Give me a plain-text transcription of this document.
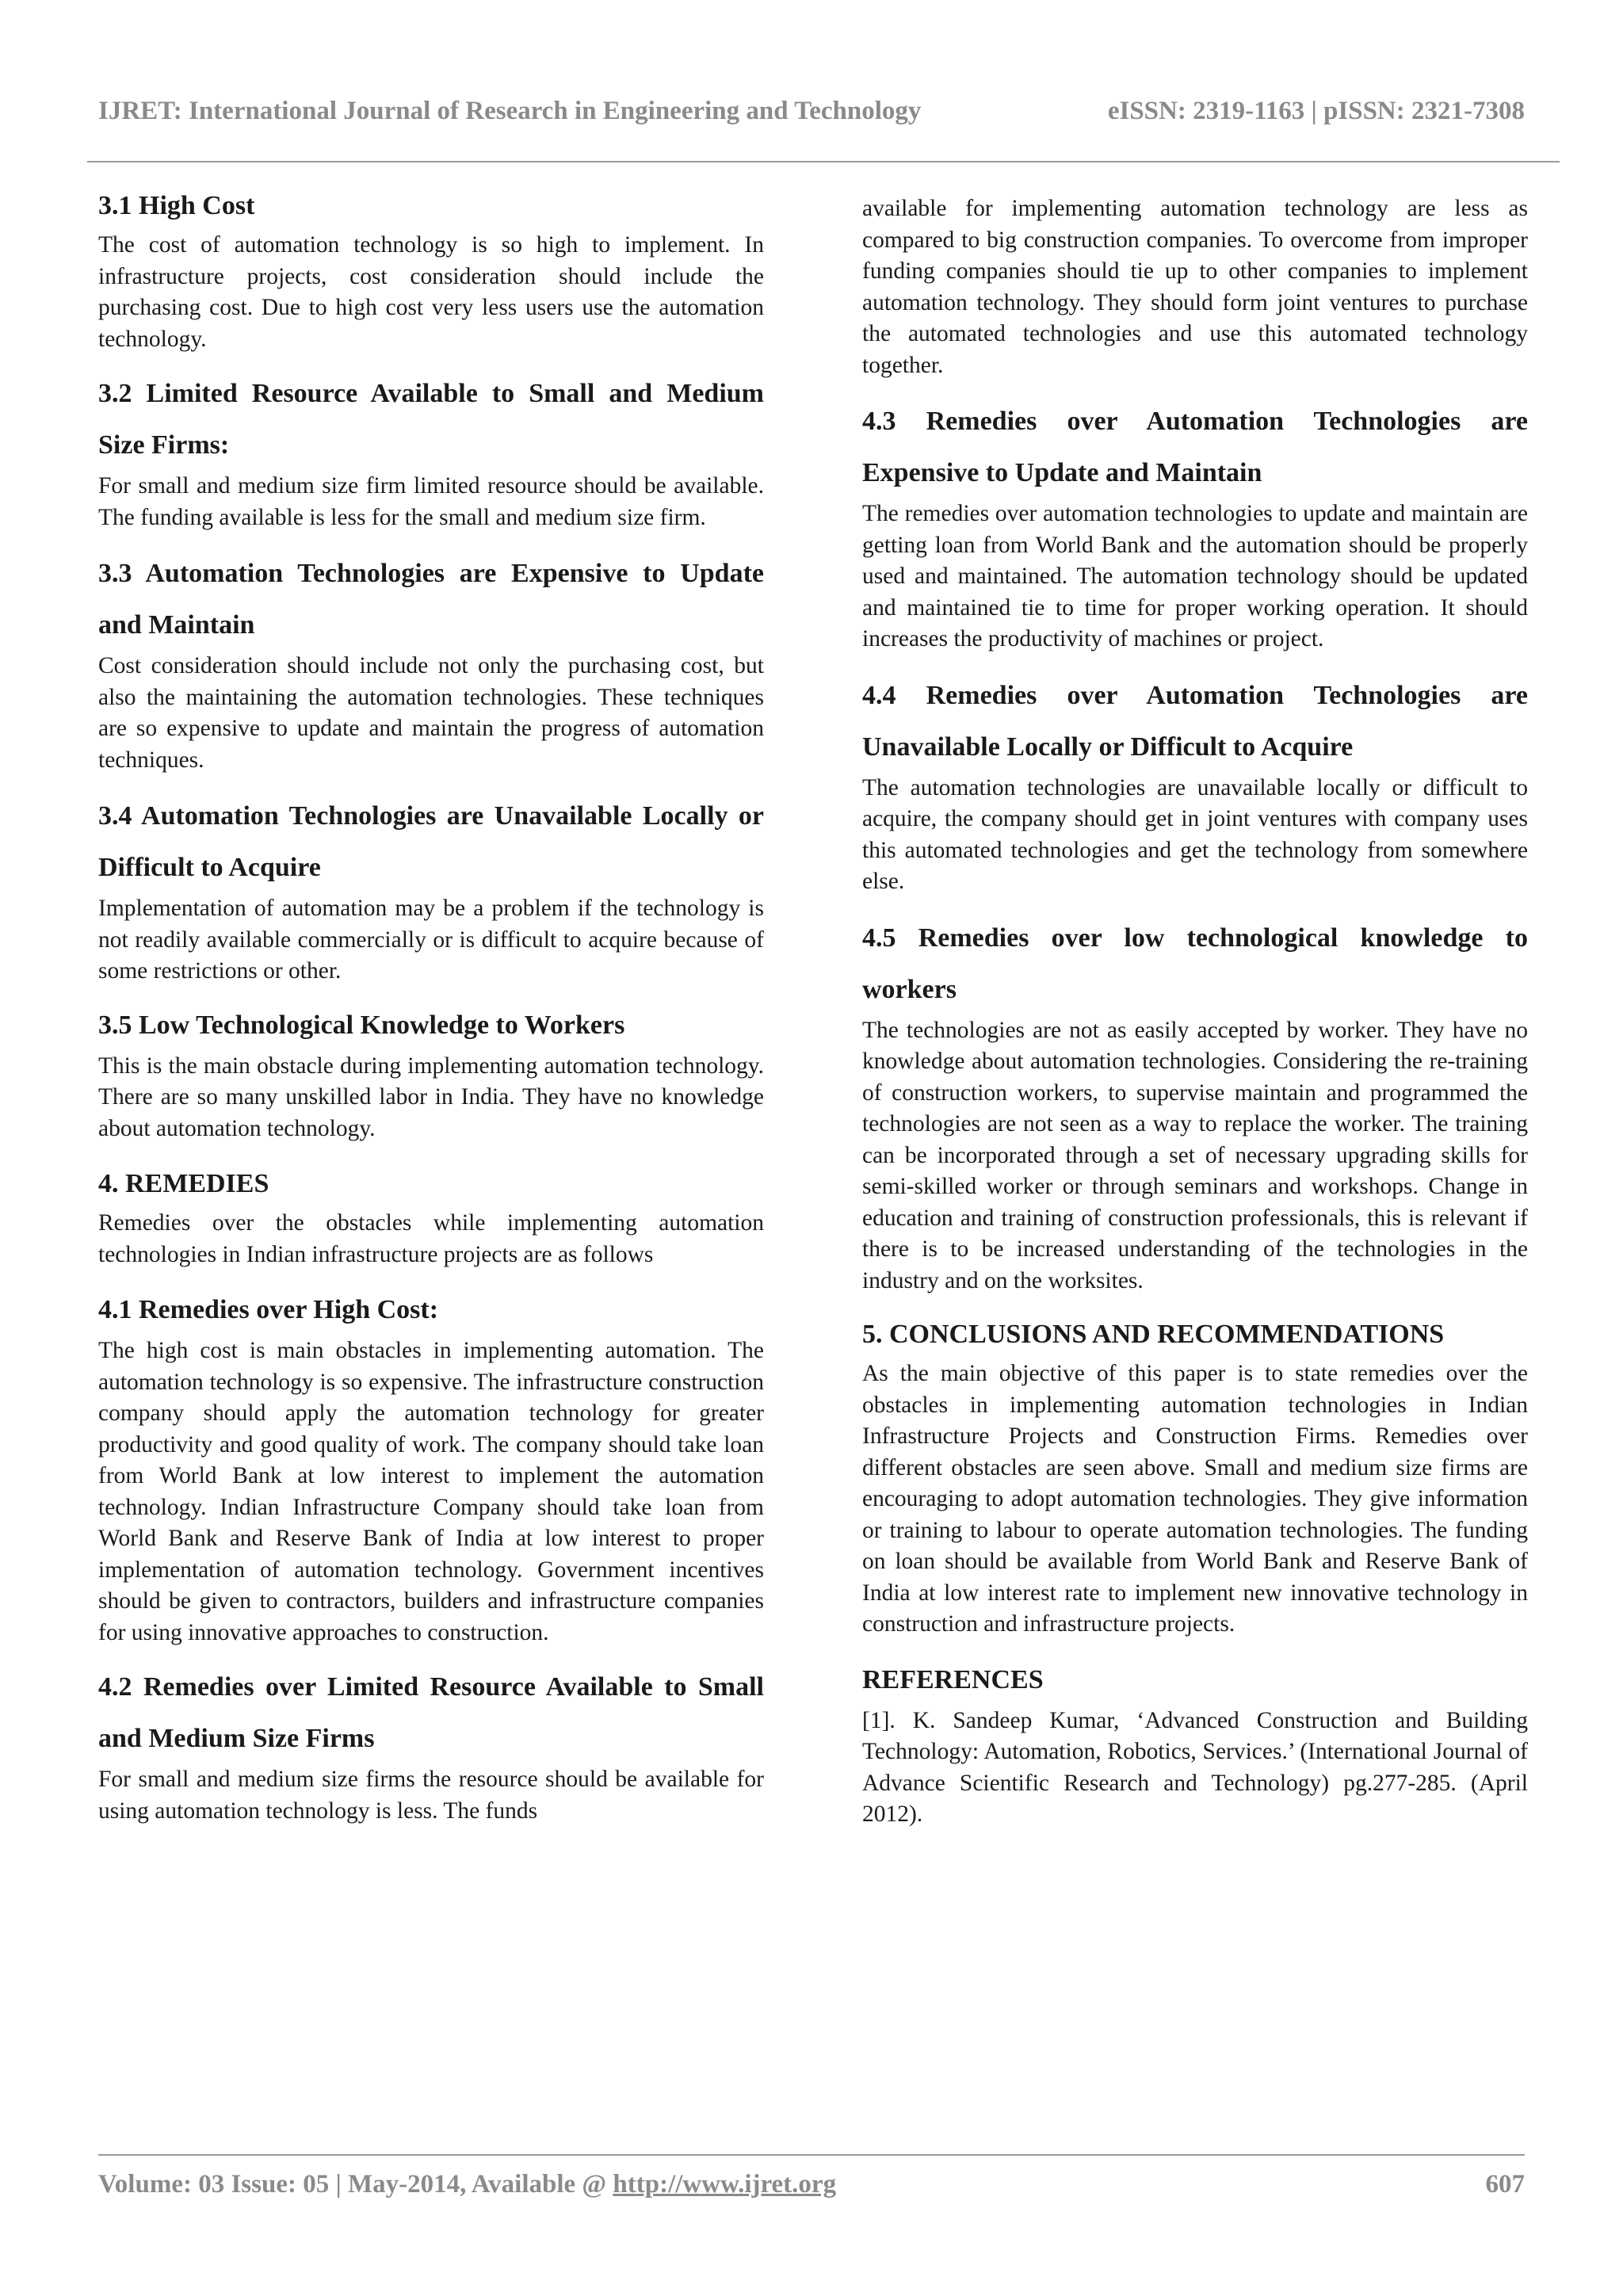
IJRET: International Journal of Research in Engineering and Technology	eISSN: 2319-1163 | pISSN: 2321-7308
3.1 High Cost

The cost of automation technology is so high to implement. In infrastructure projects, cost consideration should include the purchasing cost. Due to high cost very less users use the automation technology.

3.2 Limited Resource Available to Small and Medium Size Firms:

For small and medium size firm limited resource should be available. The funding available is less for the small and medium size firm.

3.3 Automation Technologies are Expensive to Update and Maintain

Cost consideration should include not only the purchasing cost, but also the maintaining the automation technologies. These techniques are so expensive to update and maintain the progress of automation techniques.

3.4 Automation Technologies are Unavailable Locally or Difficult to Acquire

Implementation of automation may be a problem if the technology is not readily available commercially or is difficult to acquire because of some restrictions or other.

3.5 Low Technological Knowledge to Workers

This is the main obstacle during implementing automation technology. There are so many unskilled labor in India. They have no knowledge about automation technology.

4. REMEDIES

Remedies over the obstacles while implementing automation technologies in Indian infrastructure projects are as follows

4.1 Remedies over High Cost:

The high cost is main obstacles in implementing automation. The automation technology is so expensive. The infrastructure construction company should apply the automation technology for greater productivity and good quality of work. The company should take loan from World Bank at low interest to implement the automation technology. Indian Infrastructure Company should take loan from World Bank and Reserve Bank of India at low interest to proper implementation of automation technology. Government incentives should be given to contractors, builders and infrastructure companies for using innovative approaches to construction.

4.2 Remedies over Limited Resource Available to Small and Medium Size Firms

For small and medium size firms the resource should be available for using automation technology is less. The funds

available for implementing automation technology are less as compared to big construction companies. To overcome from improper funding companies should tie up to other companies to implement automation technology. They should form joint ventures to purchase the automated technologies and use this automated technology together.

4.3 Remedies over Automation Technologies are Expensive to Update and Maintain

The remedies over automation technologies to update and maintain are getting loan from World Bank and the automation should be properly used and maintained. The automation technology should be updated and maintained tie to time for proper working operation. It should increases the productivity of machines or project.

4.4 Remedies over Automation Technologies are Unavailable Locally or Difficult to Acquire

The automation technologies are unavailable locally or difficult to acquire, the company should get in joint ventures with company uses this automated technologies and get the technology from somewhere else.

4.5 Remedies over low technological knowledge to workers

The technologies are not as easily accepted by worker. They have no knowledge about automation technologies. Considering the re-training of construction workers, to supervise maintain and programmed the technologies are not seen as a way to replace the worker. The training can be incorporated through a set of necessary upgrading skills for semi-skilled worker or through seminars and workshops. Change in education and training of construction professionals, this is relevant if there is to be increased understanding of the technologies in the industry and on the worksites.

5. CONCLUSIONS AND RECOMMENDATIONS

As the main objective of this paper is to state remedies over the obstacles in implementing automation technologies in Indian Infrastructure Projects and Construction Firms. Remedies over different obstacles are seen above. Small and medium size firms are encouraging to adopt automation technologies. They give information or training to labour to operate automation technologies. The funding on loan should be available from World Bank and Reserve Bank of India at low interest rate to implement new innovative technology in construction and infrastructure projects.

REFERENCES

[1]. K. Sandeep Kumar, ‘Advanced Construction and Building Technology: Automation, Robotics, Services.’ (International Journal of Advance Scientific Research and Technology) pg.277-285. (April 2012).

Volume: 03 Issue: 05 | May-2014, Available @ http://www.ijret.org	607
